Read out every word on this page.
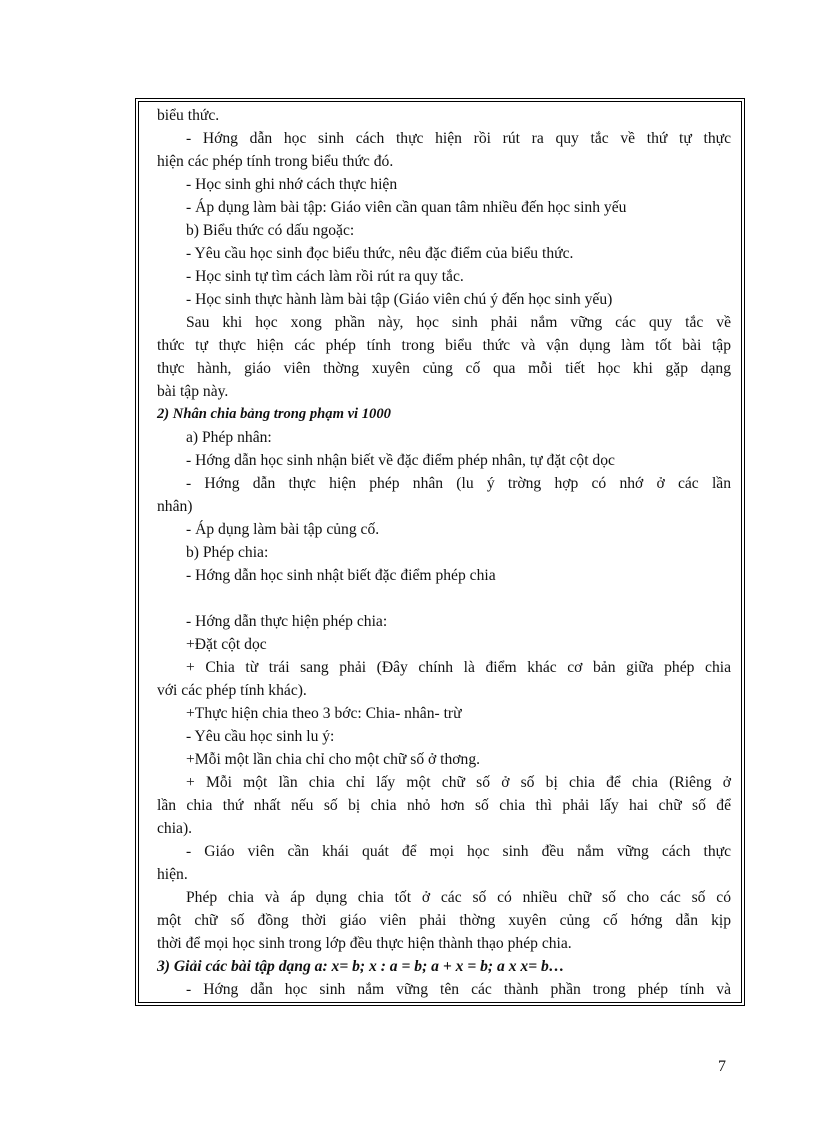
biểu thức.
- Hớng dẫn học sinh cách thực hiện rồi rút ra quy tắc về thứ tự thực
hiện các phép tính trong biểu thức đó.
- Học sinh ghi nhớ cách thực hiện
- Áp dụng làm bài tập: Giáo viên cần quan tâm nhiều đến học sinh yếu
b) Biểu thức có dấu ngoặc:
- Yêu cầu học sinh đọc biểu thức, nêu đặc điểm của biểu thức.
- Học sinh tự tìm cách làm rồi rút ra quy tắc.
- Học sinh thực hành làm bài tập (Giáo viên chú ý đến học sinh yếu)
Sau khi học xong phần này, học sinh phải nắm vững các quy tắc về
thức tự thực hiện các phép tính trong biểu thức và vận dụng làm tốt bài tập
thực hành, giáo viên thờng xuyên củng cố qua mỗi tiết học khi gặp dạng
bài tập này.
2) Nhân chia bảng trong phạm vi 1000
a) Phép nhân:
- Hớng dẫn học sinh nhận biết về đặc điểm phép nhân, tự đặt cột dọc
- Hớng dẫn thực hiện phép nhân (lu ý trờng hợp có nhớ ở các lần
nhân)
- Áp dụng làm bài tập củng cố.
b) Phép chia:
- Hớng dẫn học sinh nhật biết đặc điểm phép chia
- Hớng dẫn thực hiện phép chia:
+Đặt cột dọc
+ Chia từ trái sang phải (Đây chính là điểm khác cơ bản giữa phép chia
với các phép tính khác).
+Thực hiện chia theo 3 bớc: Chia- nhân- trừ
- Yêu cầu học sinh lu ý:
+Mỗi một lần chia chỉ cho một chữ số ở thơng.
+ Mỗi một lần chia chỉ lấy một chữ số ở số bị chia để chia (Riêng ở
lần chia thứ nhất nếu số bị chia nhỏ hơn số chia thì phải lấy hai chữ số để
chia).
- Giáo viên cần khái quát để mọi học sinh đều nắm vững cách thực
hiện.
Phép chia và áp dụng chia tốt ở các số có nhiều chữ số cho các số có
một chữ số đồng thời giáo viên phải thờng xuyên củng cố hớng dẫn kịp
thời để mọi học sinh trong lớp đều thực hiện thành thạo phép chia.
3) Giải các bài tập dạng a: x= b; x : a = b; a + x = b; a x x= b…
- Hớng dẫn học sinh nắm vững tên các thành phần trong phép tính và
7
